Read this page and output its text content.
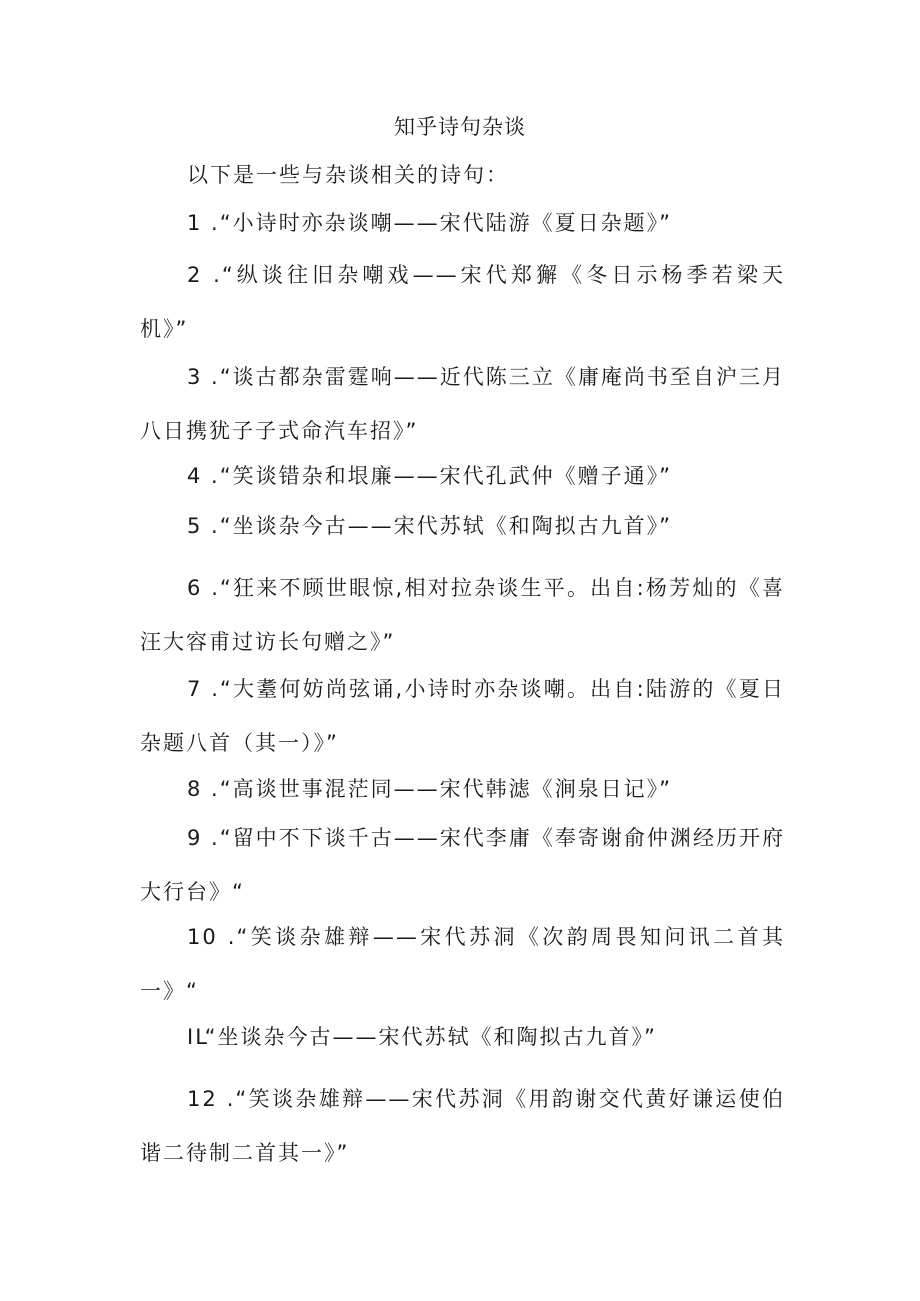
知乎诗句杂谈
以下是一些与杂谈相关的诗句：
1 .“小诗时亦杂谈嘲——宋代陆游《夏日杂题》”
2 .“纵谈往旧杂嘲戏——宋代郑獬《冬日示杨季若梁天机》”
3 .“谈古都杂雷霆响——近代陈三立《庸庵尚书至自沪三月八日携犹子子式命汽车招》”
4 .“笑谈错杂和垠廉——宋代孔武仲《赠子通》”
5 .“坐谈杂今古——宋代苏轼《和陶拟古九首》”
6 .“狂来不顾世眼惊,相对拉杂谈生平。出自:杨芳灿的《喜汪大容甫过访长句赠之》”
7 .“大耋何妨尚弦诵,小诗时亦杂谈嘲。出自:陆游的《夏日杂题八首（其一）》”
8 .“高谈世事混茫同——宋代韩滤《涧泉日记》”
9 .“留中不下谈千古——宋代李庸《奉寄谢俞仲渊经历开府大行台》“
10 .“笑谈杂雄辩——宋代苏洞《次韵周畏知问讯二首其一》“
IL“坐谈杂今古——宋代苏轼《和陶拟古九首》”
12 .“笑谈杂雄辩——宋代苏洞《用韵谢交代黄好谦运使伯谐二待制二首其一》”
